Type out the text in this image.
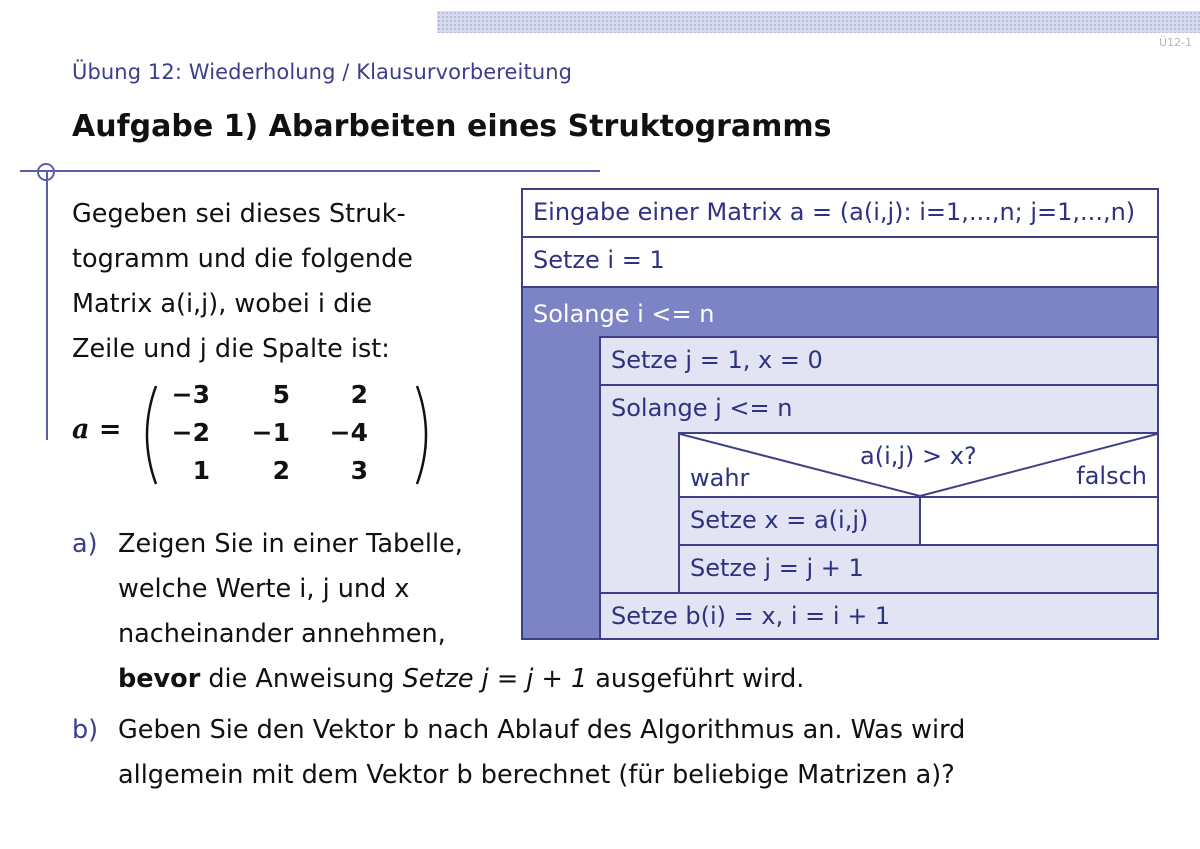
Ü12-1
Übung 12: Wiederholung / Klausurvorbereitung
Aufgabe 1) Abarbeiten eines Struktogramms
Gegeben sei dieses Struk-
togramm und die folgende
Matrix a(i,j), wobei i die
Zeile und j die Spalte ist:
a =
−3	5	2
−2	−1	−4
1	2	3
Eingabe einer Matrix a = (a(i,j): i=1,...,n; j=1,...,n)
Setze i = 1
Solange i <= n
Setze j = 1, x = 0
Solange j <= n
a(i,j) > x?
wahr	falsch
Setze x = a(i,j)
Setze j = j + 1
Setze b(i) = x, i = i + 1
a) Zeigen Sie in einer Tabelle,
welche Werte i, j und x
nacheinander annehmen,
bevor die Anweisung Setze j = j + 1 ausgeführt wird.
b) Geben Sie den Vektor b nach Ablauf des Algorithmus an. Was wird
allgemein mit dem Vektor b berechnet (für beliebige Matrizen a)?
